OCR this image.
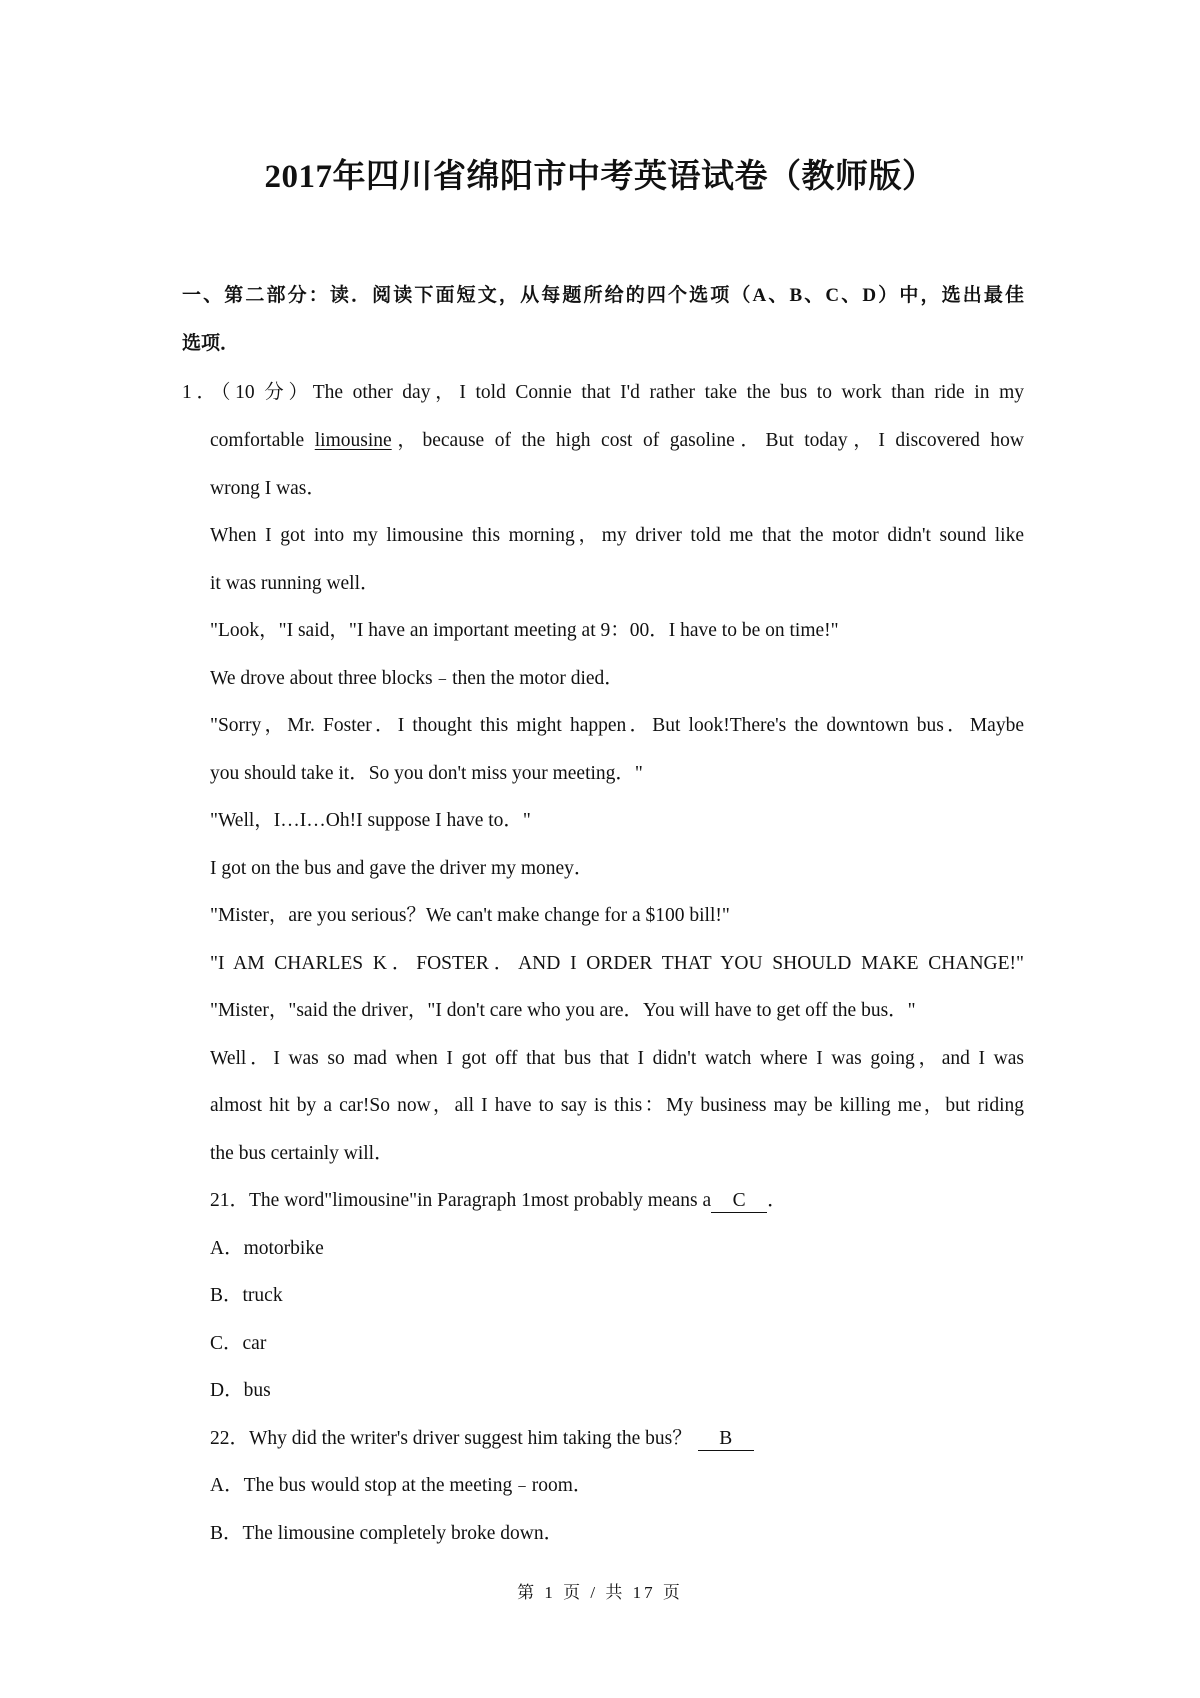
2017年四川省绵阳市中考英语试卷（教师版）
一、第二部分：读．阅读下面短文，从每题所给的四个选项（A、B、C、D）中，选出最佳
选项．
1．（10 分）The other day，I told Connie that I'd rather take the bus to work than ride in my
comfortable limousine，because of the high cost of gasoline．But today，I discovered how
wrong I was．
When I got into my limousine this morning，my driver told me that the motor didn't sound like
it was running well．
"Look，"I said，"I have an important meeting at 9：00．I have to be on time!"
We drove about three blocks﹣then the motor died．
"Sorry，Mr. Foster．I thought this might happen．But look!There's the downtown bus．Maybe
you should take it．So you don't miss your meeting．"
"Well，I…I…Oh!I suppose I have to．"
I got on the bus and gave the driver my money．
"Mister，are you serious？We can't make change for a $100 bill!"
"I AM CHARLES K．FOSTER．AND I ORDER THAT YOU SHOULD MAKE CHANGE!"
"Mister，"said the driver，"I don't care who you are．You will have to get off the bus．"
Well．I was so mad when I got off that bus that I didn't watch where I was going，and I was
almost hit by a car!So now，all I have to say is this：My business may be killing me，but riding
the bus certainly will．
21．The word"limousine"in Paragraph 1most probably means a C ．
A．motorbike
B．truck
C．car
D．bus
22．Why did the writer's driver suggest him taking the bus？ B
A．The bus would stop at the meeting﹣room．
B．The limousine completely broke down．
第 1 页 / 共 17 页
